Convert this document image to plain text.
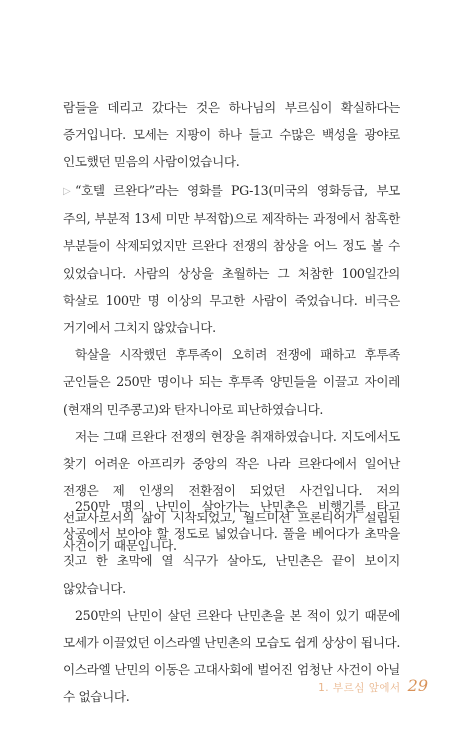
람들을 데리고 갔다는 것은 하나님의 부르심이 확실하다는 증거입니다. 모세는 지팡이 하나 들고 수많은 백성을 광야로 인도했던 믿음의 사람이었습니다.

▷ “호텔 르완다”라는 영화를 PG-13(미국의 영화등급, 부모 주의, 부분적 13세 미만 부적합)으로 제작하는 과정에서 참혹한 부분들이 삭제되었지만 르완다 전쟁의 참상을 어느 정도 볼 수 있었습니다. 사람의 상상을 초월하는 그 처참한 100일간의 학살로 100만 명 이상의 무고한 사람이 죽었습니다. 비극은 거기에서 그치지 않았습니다.

학살을 시작했던 후투족이 오히려 전쟁에 패하고 후투족 군인들은 250만 명이나 되는 후투족 양민들을 이끌고 자이레(현재의 민주콩고)와 탄자니아로 피난하였습니다.

저는 그때 르완다 전쟁의 현장을 취재하였습니다. 지도에서도 찾기 어려운 아프리카 중앙의 작은 나라 르완다에서 일어난 전쟁은 제 인생의 전환점이 되었던 사건입니다. 저의 선교사로서의 삶이 시작되었고, 월드미션 프론티어가 설립된 사건이기 때문입니다.

250만 명의 난민이 살아가는 난민촌은 비행기를 타고 상공에서 보아야 할 정도로 넓었습니다. 풀을 베어다가 초막을 짓고 한 초막에 열 식구가 살아도, 난민촌은 끝이 보이지 않았습니다.

250만의 난민이 살던 르완다 난민촌을 본 적이 있기 때문에 모세가 이끌었던 이스라엘 난민촌의 모습도 쉽게 상상이 됩니다. 이스라엘 난민의 이동은 고대사회에 벌어진 엄청난 사건이 아닐 수 없습니다.

1. 부르심 앞에서 29
